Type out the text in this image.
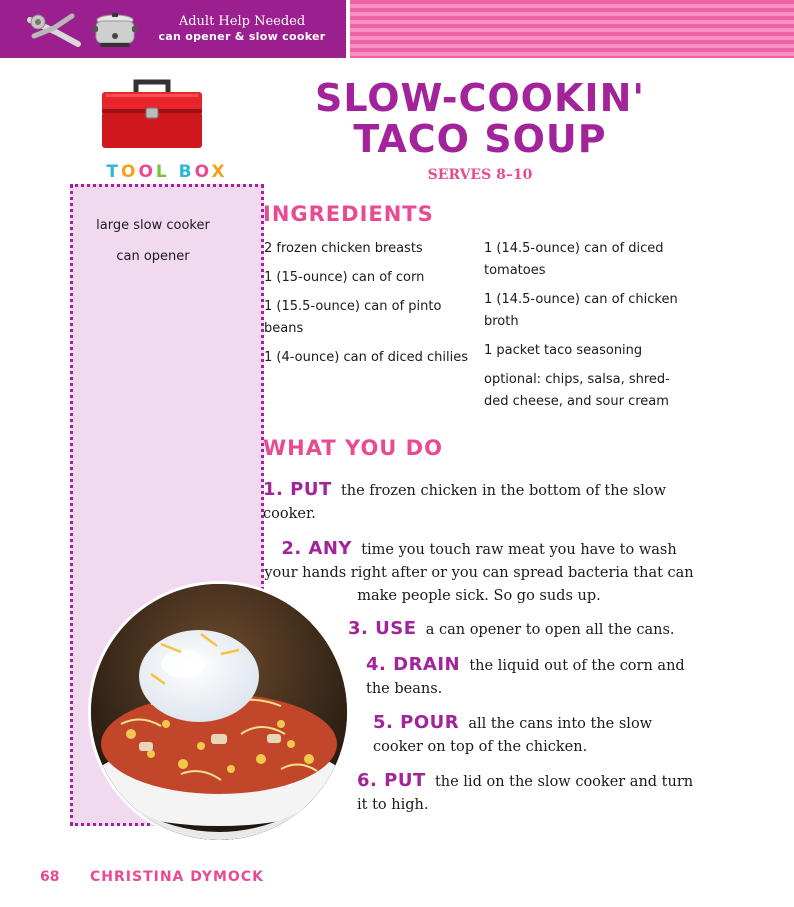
Adult Help Needed
can opener & slow cooker
TOOL BOX
large slow cooker
can opener
SLOW-COOKIN'
TACO SOUP
SERVES 8–10
INGREDIENTS
2 frozen chicken breasts
1 (15-ounce) can of corn
1 (15.5-ounce) can of pinto beans
1 (4-ounce) can of diced chilies
1 (14.5-ounce) can of diced tomatoes
1 (14.5-ounce) can of chicken broth
1 packet taco seasoning
optional: chips, salsa, shred-ded cheese, and sour cream
WHAT YOU DO
1. PUT the frozen chicken in the bottom of the slow cooker.
2. ANY time you touch raw meat you have to wash your hands right after or you can spread bacteria that can make people sick. So go suds up.
3. USE a can opener to open all the cans.
4. DRAIN the liquid out of the corn and the beans.
5. POUR all the cans into the slow cooker on top of the chicken.
6. PUT the lid on the slow cooker and turn it to high.
68 CHRISTINA DYMOCK
